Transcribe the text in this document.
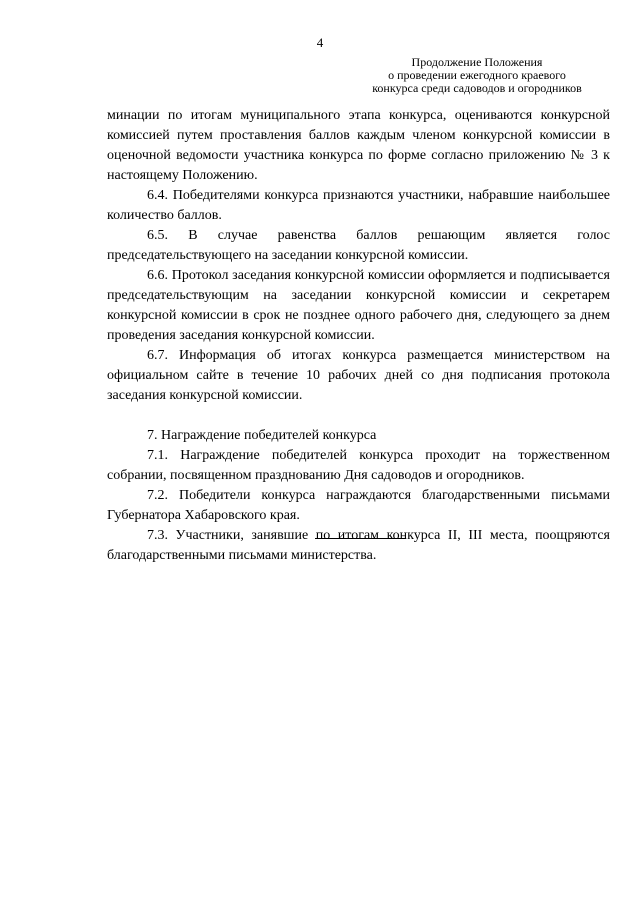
4
Продолжение Положения
о проведении ежегодного краевого
конкурса среди садоводов и огородников

минации по итогам муниципального этапа конкурса, оцениваются конкурсной комиссией путем проставления баллов каждым членом конкурсной комиссии в оценочной ведомости участника конкурса по форме согласно приложению № 3 к настоящему Положению.

6.4. Победителями конкурса признаются участники, набравшие наибольшее количество баллов.

6.5. В случае равенства баллов решающим является голос председательствующего на заседании конкурсной комиссии.

6.6. Протокол заседания конкурсной комиссии оформляется и подписывается председательствующим на заседании конкурсной комиссии и секретарем конкурсной комиссии в срок не позднее одного рабочего дня, следующего за днем проведения заседания конкурсной комиссии.

6.7. Информация об итогах конкурса размещается министерством на официальном сайте в течение 10 рабочих дней со дня подписания протокола заседания конкурсной комиссии.

7. Награждение победителей конкурса

7.1. Награждение победителей конкурса проходит на торжественном собрании, посвященном празднованию Дня садоводов и огородников.

7.2. Победители конкурса награждаются благодарственными письмами Губернатора Хабаровского края.

7.3. Участники, занявшие по итогам конкурса II, III места, поощряются благодарственными письмами министерства.
